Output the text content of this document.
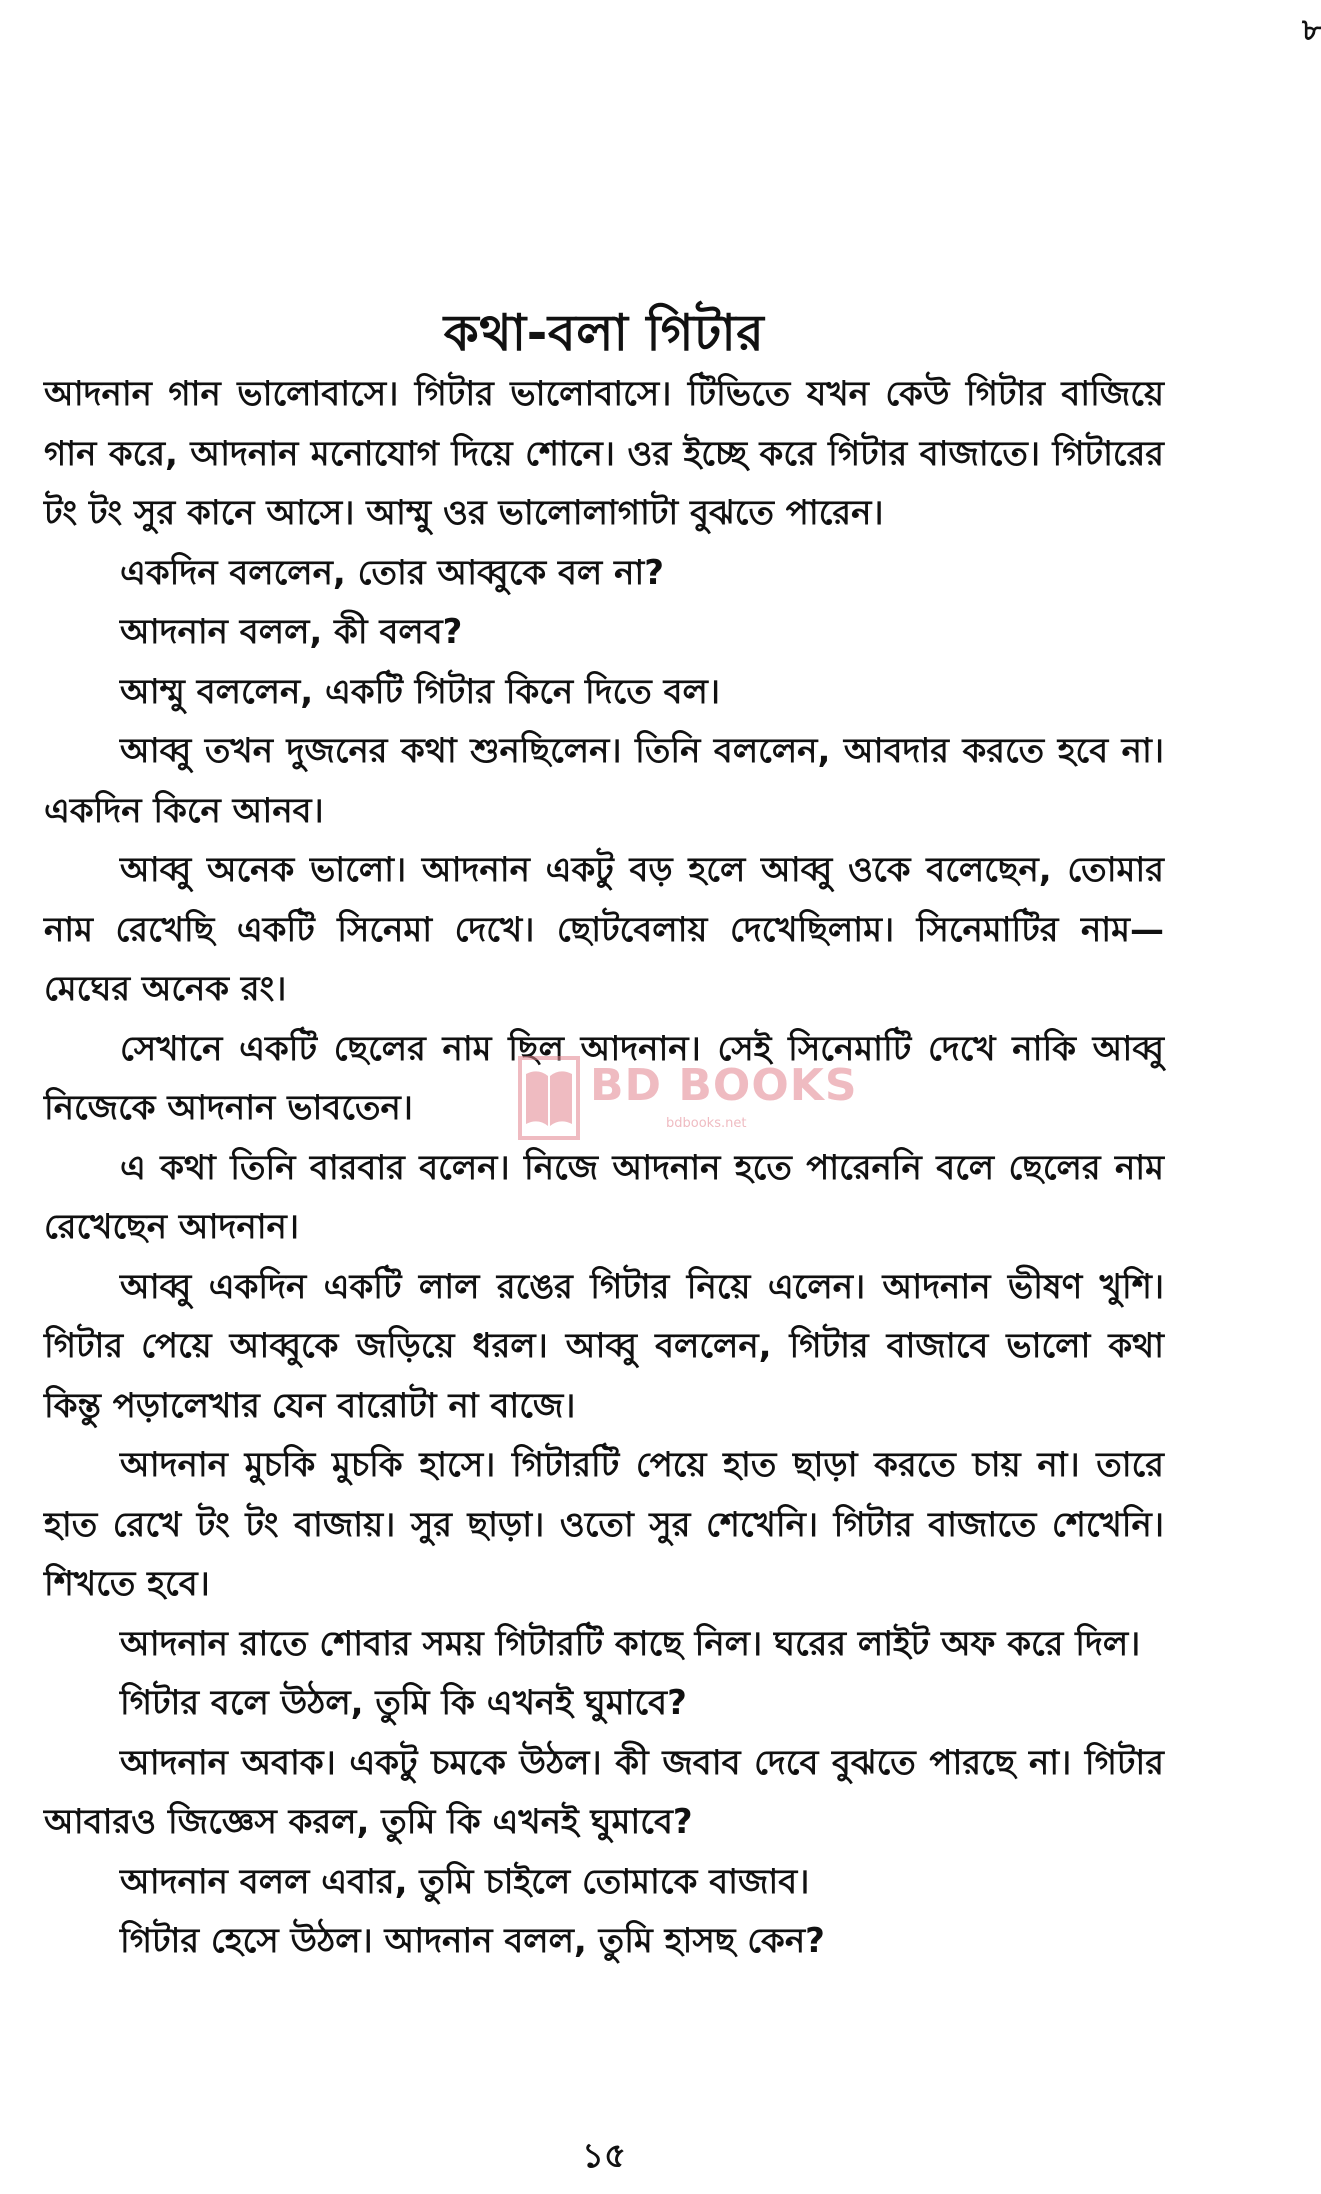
৮
কথা-বলা গিটার

আদনান গান ভালোবাসে। গিটার ভালোবাসে। টিভিতে যখন কেউ গিটার বাজিয়ে গান করে, আদনান মনোযোগ দিয়ে শোনে। ওর ইচ্ছে করে গিটার বাজাতে। গিটারের টং টং সুর কানে আসে। আম্মু ওর ভালোলাগাটা বুঝতে পারেন।

একদিন বললেন, তোর আব্বুকে বল না?

আদনান বলল, কী বলব?

আম্মু বললেন, একটি গিটার কিনে দিতে বল।

আব্বু তখন দুজনের কথা শুনছিলেন। তিনি বললেন, আবদার করতে হবে না। একদিন কিনে আনব।

আব্বু অনেক ভালো। আদনান একটু বড় হলে আব্বু ওকে বলেছেন, তোমার নাম রেখেছি একটি সিনেমা দেখে। ছোটবেলায় দেখেছিলাম। সিনেমাটির নাম—মেঘের অনেক রং।

সেখানে একটি ছেলের নাম ছিল আদনান। সেই সিনেমাটি দেখে নাকি আব্বু নিজেকে আদনান ভাবতেন।

এ কথা তিনি বারবার বলেন। নিজে আদনান হতে পারেননি বলে ছেলের নাম রেখেছেন আদনান।

আব্বু একদিন একটি লাল রঙের গিটার নিয়ে এলেন। আদনান ভীষণ খুশি। গিটার পেয়ে আব্বুকে জড়িয়ে ধরল। আব্বু বললেন, গিটার বাজাবে ভালো কথা কিন্তু পড়ালেখার যেন বারোটা না বাজে।

আদনান মুচকি মুচকি হাসে। গিটারটি পেয়ে হাত ছাড়া করতে চায় না। তারে হাত রেখে টং টং বাজায়। সুর ছাড়া। ওতো সুর শেখেনি। গিটার বাজাতে শেখেনি। শিখতে হবে।

আদনান রাতে শোবার সময় গিটারটি কাছে নিল। ঘরের লাইট অফ করে দিল।

গিটার বলে উঠল, তুমি কি এখনই ঘুমাবে?

আদনান অবাক। একটু চমকে উঠল। কী জবাব দেবে বুঝতে পারছে না। গিটার আবারও জিজ্ঞেস করল, তুমি কি এখনই ঘুমাবে?

আদনান বলল এবার, তুমি চাইলে তোমাকে বাজাব।

গিটার হেসে উঠল। আদনান বলল, তুমি হাসছ কেন?

BD BOOKS
bdbooks.net
১৫
